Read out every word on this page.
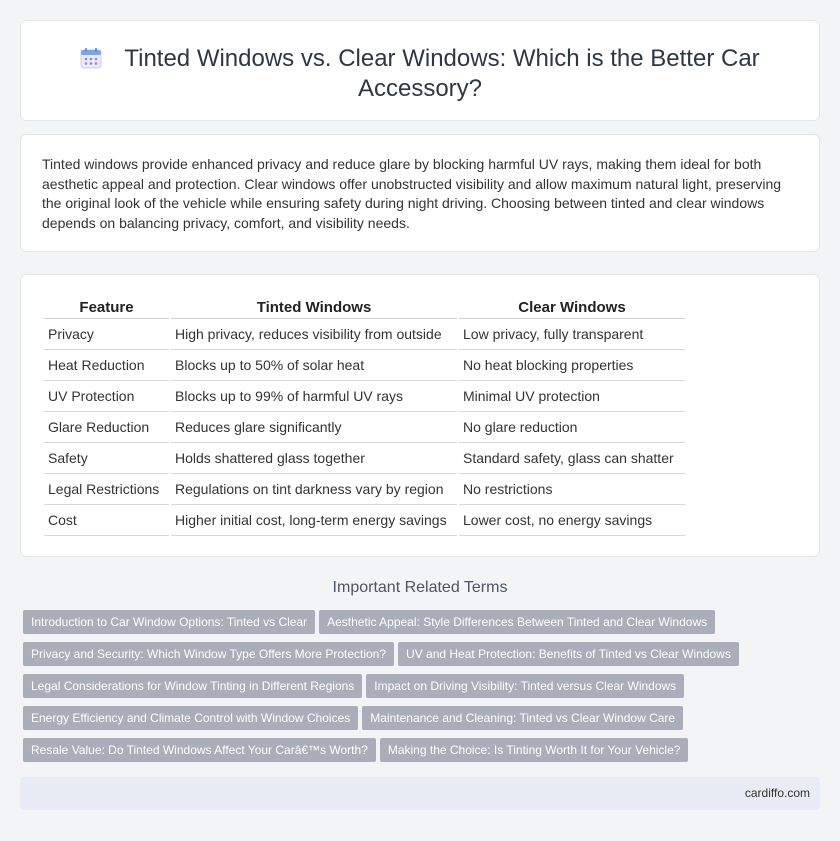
Tinted Windows vs. Clear Windows: Which is the Better Car Accessory?

Tinted windows provide enhanced privacy and reduce glare by blocking harmful UV rays, making them ideal for both aesthetic appeal and protection. Clear windows offer unobstructed visibility and allow maximum natural light, preserving the original look of the vehicle while ensuring safety during night driving. Choosing between tinted and clear windows depends on balancing privacy, comfort, and visibility needs.

Feature	Tinted Windows	Clear Windows
Privacy	High privacy, reduces visibility from outside	Low privacy, fully transparent
Heat Reduction	Blocks up to 50% of solar heat	No heat blocking properties
UV Protection	Blocks up to 99% of harmful UV rays	Minimal UV protection
Glare Reduction	Reduces glare significantly	No glare reduction
Safety	Holds shattered glass together	Standard safety, glass can shatter
Legal Restrictions	Regulations on tint darkness vary by region	No restrictions
Cost	Higher initial cost, long-term energy savings	Lower cost, no energy savings
Important Related Terms
Introduction to Car Window Options: Tinted vs Clear Aesthetic Appeal: Style Differences Between Tinted and Clear Windows
Privacy and Security: Which Window Type Offers More Protection? UV and Heat Protection: Benefits of Tinted vs Clear Windows
Legal Considerations for Window Tinting in Different Regions Impact on Driving Visibility: Tinted versus Clear Windows
Energy Efficiency and Climate Control with Window Choices Maintenance and Cleaning: Tinted vs Clear Window Care
Resale Value: Do Tinted Windows Affect Your Carâ€™s Worth? Making the Choice: Is Tinting Worth It for Your Vehicle?
cardiffo.com
